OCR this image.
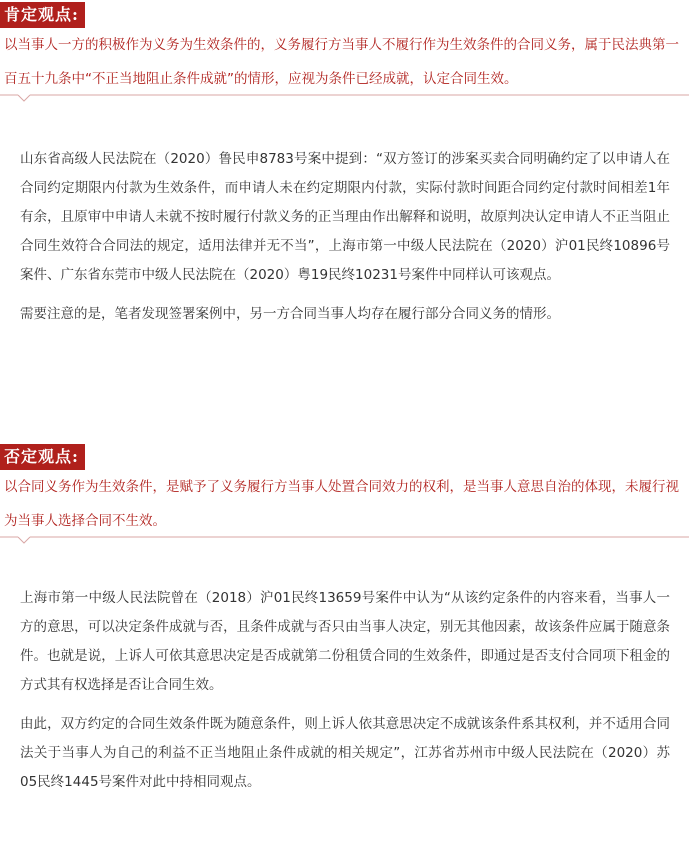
肯定观点:

以当事人一方的积极作为义务为生效条件的，义务履行方当事人不履行作为生效条件的合同义务，属于民法典第一百五十九条中“不正当地阻止条件成就”的情形，应视为条件已经成就，认定合同生效。

山东省高级人民法院在（2020）鲁民申8783号案中提到：“双方签订的涉案买卖合同明确约定了以申请人在合同约定期限内付款为生效条件，而申请人未在约定期限内付款，实际付款时间距合同约定付款时间相差1年有余，且原审中申请人未就不按时履行付款义务的正当理由作出解释和说明，故原判决认定申请人不正当阻止合同生效符合合同法的规定，适用法律并无不当”，上海市第一中级人民法院在（2020）沪01民终10896号案件、广东省东莞市中级人民法院在（2020）粤19民终10231号案件中同样认可该观点。

需要注意的是，笔者发现签署案例中，另一方合同当事人均存在履行部分合同义务的情形。

否定观点:

以合同义务作为生效条件，是赋予了义务履行方当事人处置合同效力的权利，是当事人意思自治的体现，未履行视为当事人选择合同不生效。

上海市第一中级人民法院曾在（2018）沪01民终13659号案件中认为“从该约定条件的内容来看，当事人一方的意思，可以决定条件成就与否，且条件成就与否只由当事人决定，别无其他因素，故该条件应属于随意条件。也就是说，上诉人可依其意思决定是否成就第二份租赁合同的生效条件，即通过是否支付合同项下租金的方式其有权选择是否让合同生效。

由此，双方约定的合同生效条件既为随意条件，则上诉人依其意思决定不成就该条件系其权利，并不适用合同法关于当事人为自己的利益不正当地阻止条件成就的相关规定”，江苏省苏州市中级人民法院在（2020）苏05民终1445号案件对此中持相同观点。
